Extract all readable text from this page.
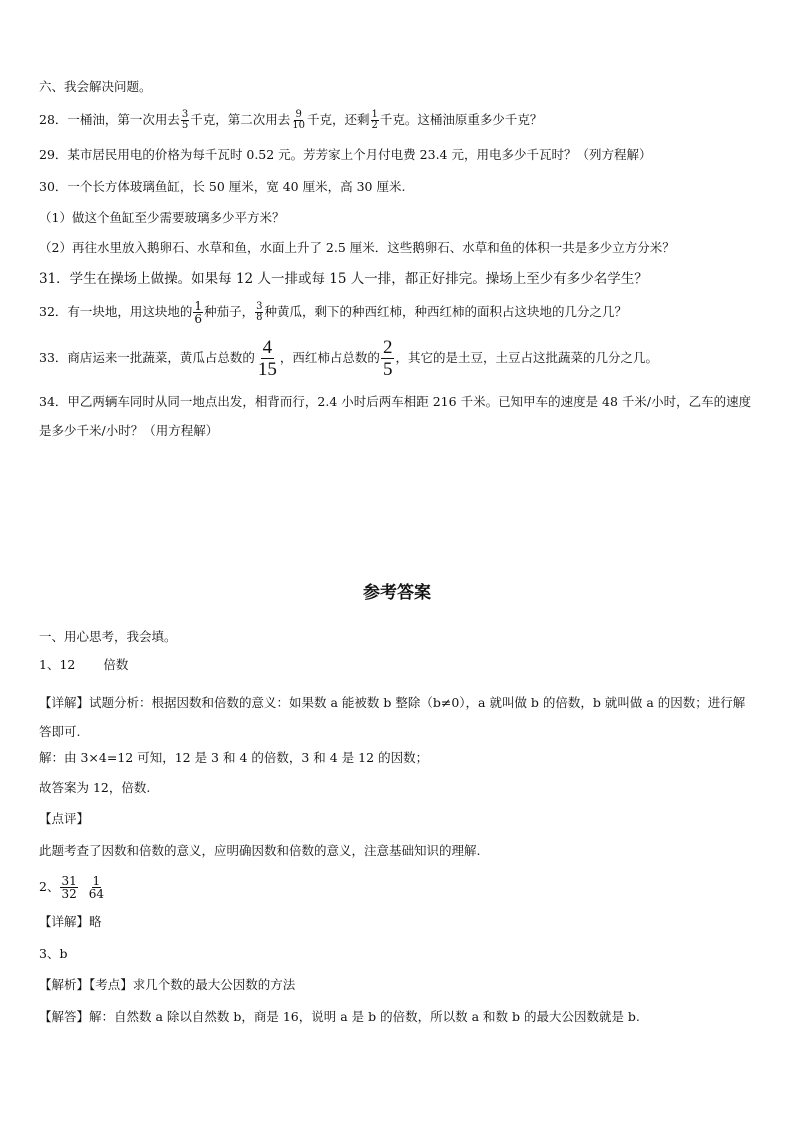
六、我会解决问题。
28．一桶油，第一次用去 $\frac{3}{5}$ 千克，第二次用去 $\frac{9}{10}$ 千克，还剩 $\frac{1}{2}$ 千克。这桶油原重多少千克？
29．某市居民用电的价格为每千瓦时 0.52 元。芳芳家上个月付电费 23.4 元，用电多少千瓦时？（列方程解）
30．一个长方体玻璃鱼缸，长 50 厘米，宽 40 厘米，高 30 厘米.
（1）做这个鱼缸至少需要玻璃多少平方米？
（2）再往水里放入鹅卵石、水草和鱼，水面上升了 2.5 厘米．这些鹅卵石、水草和鱼的体积一共是多少立方分米？
31．学生在操场上做操。如果每 12 人一排或每 15 人一排，都正好排完。操场上至少有多少名学生？
32．有一块地，用这块地的 $\frac{1}{6}$ 种茄子， $\frac{3}{8}$ 种黄瓜，剩下的种西红柿，种西红柿的面积占这块地的几分之几？
33．商店运来一批蔬菜，黄瓜占总数的 $\frac{4}{15}$ ，西红柿占总数的 $\frac{2}{5}$ ，其它的是土豆，土豆占这批蔬菜的几分之几。
34．甲乙两辆车同时从同一地点出发，相背而行，2.4 小时后两车相距 216 千米。已知甲车的速度是 48 千米/小时，乙车的速度是多少千米/小时？（用方程解）
参考答案
一、用心思考，我会填。
1、12 倍数
【详解】试题分析：根据因数和倍数的意义：如果数 a 能被数 b 整除（b≠0），a 就叫做 b 的倍数，b 就叫做 a 的因数；进行解答即可.
解：由 3×4=12 可知，12 是 3 和 4 的倍数，3 和 4 是 12 的因数；
故答案为 12，倍数.
【点评】
此题考查了因数和倍数的意义，应明确因数和倍数的意义，注意基础知识的理解.
2、 $\frac{31}{32} \frac{1}{64}$
【详解】略
3、b
【解析】【考点】求几个数的最大公因数的方法
【解答】解：自然数 a 除以自然数 b，商是 16，说明 a 是 b 的倍数，所以数 a 和数 b 的最大公因数就是 b.
